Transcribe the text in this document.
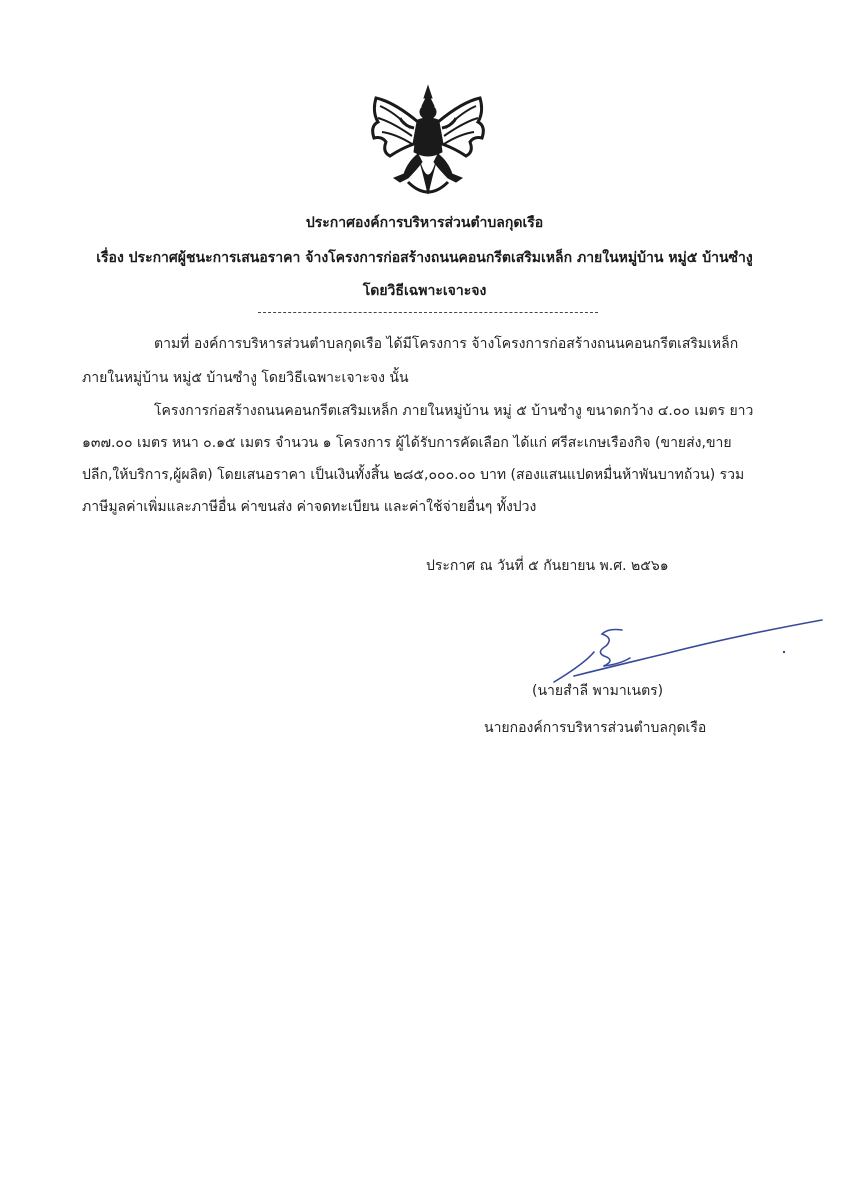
ประกาศองค์การบริหารส่วนตำบลกุดเรือ
เรื่อง ประกาศผู้ชนะการเสนอราคา จ้างโครงการก่อสร้างถนนคอนกรีตเสริมเหล็ก ภายในหมู่บ้าน หมู่๕ บ้านซำงู
โดยวิธีเฉพาะเจาะจง
ตามที่ องค์การบริหารส่วนตำบลกุดเรือ ได้มีโครงการ จ้างโครงการก่อสร้างถนนคอนกรีตเสริมเหล็ก
ภายในหมู่บ้าน หมู่๕ บ้านซำงู โดยวิธีเฉพาะเจาะจง นั้น
โครงการก่อสร้างถนนคอนกรีตเสริมเหล็ก ภายในหมู่บ้าน หมู่ ๕ บ้านซำงู ขนาดกว้าง ๔.๐๐ เมตร ยาว
๑๓๗.๐๐ เมตร หนา ๐.๑๕ เมตร จำนวน ๑ โครงการ ผู้ได้รับการคัดเลือก ได้แก่ ศรีสะเกษเรืองกิจ (ขายส่ง,ขาย
ปลีก,ให้บริการ,ผู้ผลิต) โดยเสนอราคา เป็นเงินทั้งสิ้น ๒๘๕,๐๐๐.๐๐ บาท (สองแสนแปดหมื่นห้าพันบาทถ้วน) รวม
ภาษีมูลค่าเพิ่มและภาษีอื่น ค่าขนส่ง ค่าจดทะเบียน และค่าใช้จ่ายอื่นๆ ทั้งปวง
ประกาศ ณ วันที่ ๕ กันยายน พ.ศ. ๒๕๖๑
(นายสำลี พามาเนตร)
นายกองค์การบริหารส่วนตำบลกุดเรือ
